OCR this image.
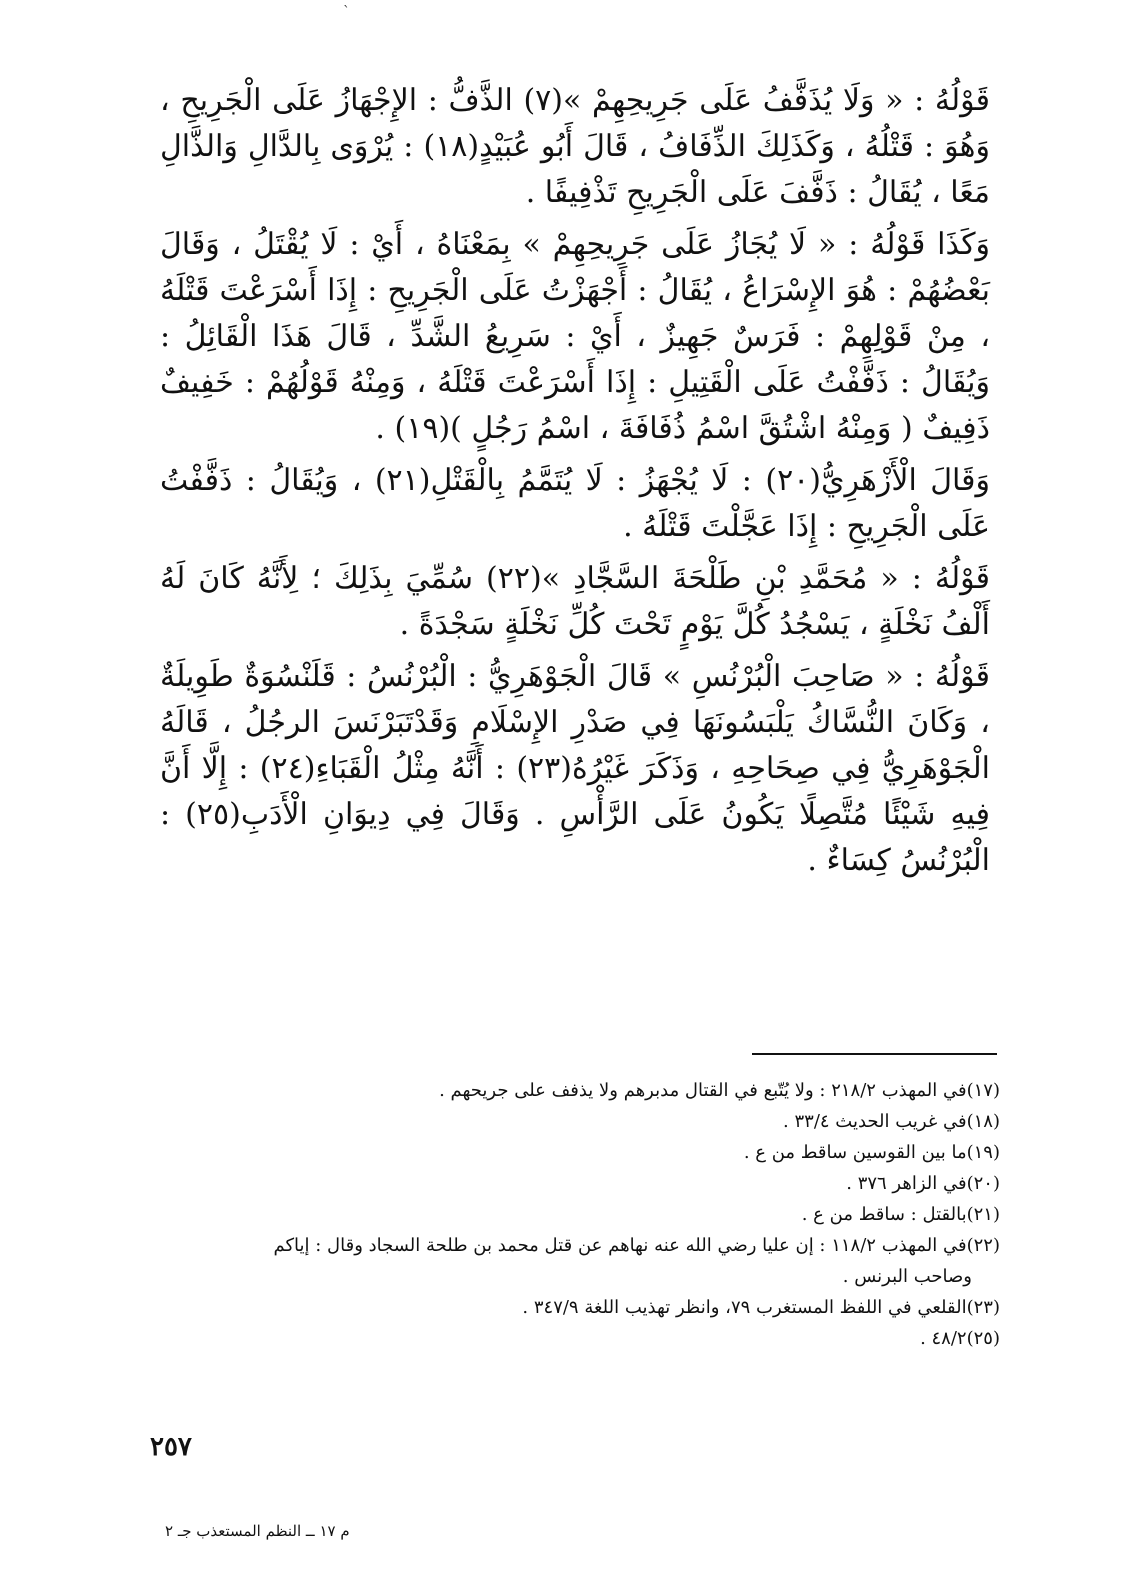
`

قَوْلُهُ : « وَلَا يُذَفَّفُ عَلَى جَرِيحِهِمْ »(٧) الذَّفُّ : الإِجْهَازُ عَلَى الْجَرِيحِ ، وَهُوَ : قَتْلُهُ ، وَكَذَلِكَ الذِّفَافُ ، قَالَ أَبُو عُبَيْدٍ(١٨) : يُرْوَى بِالدَّالِ وَالذَّالِ مَعًا ، يُقَالُ : ذَفَّفَ عَلَى الْجَرِيحِ تَذْفِيفًا .

وَكَذَا قَوْلُهُ : « لَا يُجَازُ عَلَى جَرِيحِهِمْ » بِمَعْنَاهُ ، أَيْ : لَا يُقْتَلُ ، وَقَالَ بَعْضُهُمْ : هُوَ الإِسْرَاعُ ، يُقَالُ : أَجْهَزْتُ عَلَى الْجَرِيحِ : إِذَا أَسْرَعْتَ قَتْلَهُ ، مِنْ قَوْلِهِمْ : فَرَسٌ جَهِيزٌ ، أَيْ : سَرِيعُ الشَّدِّ ، قَالَ هَذَا الْقَائِلُ : وَيُقَالُ : ذَفَّفْتُ عَلَى الْقَتِيلِ : إِذَا أَسْرَعْتَ قَتْلَهُ ، وَمِنْهُ قَوْلُهُمْ : خَفِيفٌ ذَفِيفٌ ( وَمِنْهُ اشْتُقَّ اسْمُ ذُفَافَةَ ، اسْمُ رَجُلٍ )(١٩) .

وَقَالَ الْأَزْهَرِيُّ(٢٠) : لَا يُجْهَزُ : لَا يُتَمَّمُ بِالْقَتْلِ(٢١) ، وَيُقَالُ : ذَفَّفْتُ عَلَى الْجَرِيحِ : إِذَا عَجَّلْتَ قَتْلَهُ .

قَوْلُهُ : « مُحَمَّدِ بْنِ طَلْحَةَ السَّجَّادِ »(٢٢) سُمِّيَ بِذَلِكَ ؛ لِأَنَّهُ كَانَ لَهُ أَلْفُ نَخْلَةٍ ، يَسْجُدُ كُلَّ يَوْمٍ تَحْتَ كُلِّ نَخْلَةٍ سَجْدَةً .

قَوْلُهُ : « صَاحِبَ الْبُرْنُسِ » قَالَ الْجَوْهَرِيُّ : الْبُرْنُسُ : قَلَنْسُوَةٌ طَوِيلَةٌ ، وَكَانَ النُّسَّاكُ يَلْبَسُونَهَا فِي صَدْرِ الإِسْلَامِ وَقَدْتَبَرْنَسَ الرجُلُ ، قَالَهُ الْجَوْهَرِيُّ فِي صِحَاحِهِ ، وَذَكَرَ غَيْرُهُ(٢٣) : أَنَّهُ مِثْلُ الْقَبَاءِ(٢٤) : إِلَّا أَنَّ فِيهِ شَيْئًا مُتَّصِلًا يَكُونُ عَلَى الرَّأْسِ . وَقَالَ فِي دِيوَانِ الْأَدَبِ(٢٥) : الْبُرْنُسُ كِسَاءٌ .

(١٧)في المهذب ٢١٨/٢ : ولا يُتّبع في القتال مدبرهم ولا يذفف على جريحهم .
(١٨)في غريب الحديث ٣٣/٤ .
(١٩)ما بين القوسين ساقط من ع .
(٢٠)في الزاهر ٣٧٦ .
(٢١)بالقتل : ساقط من ع .
(٢٢)في المهذب ١١٨/٢ : إن عليا رضي الله عنه نهاهم عن قتل محمد بن طلحة السجاد وقال : إياكم
وصاحب البرنس .
(٢٣)القلعي في اللفظ المستغرب ٧٩، وانظر تهذيب اللغة ٣٤٧/٩ .
(٢٥)٤٨/٢ .
٢٥٧
م ١٧ ــ النظم المستعذب جـ ٢
